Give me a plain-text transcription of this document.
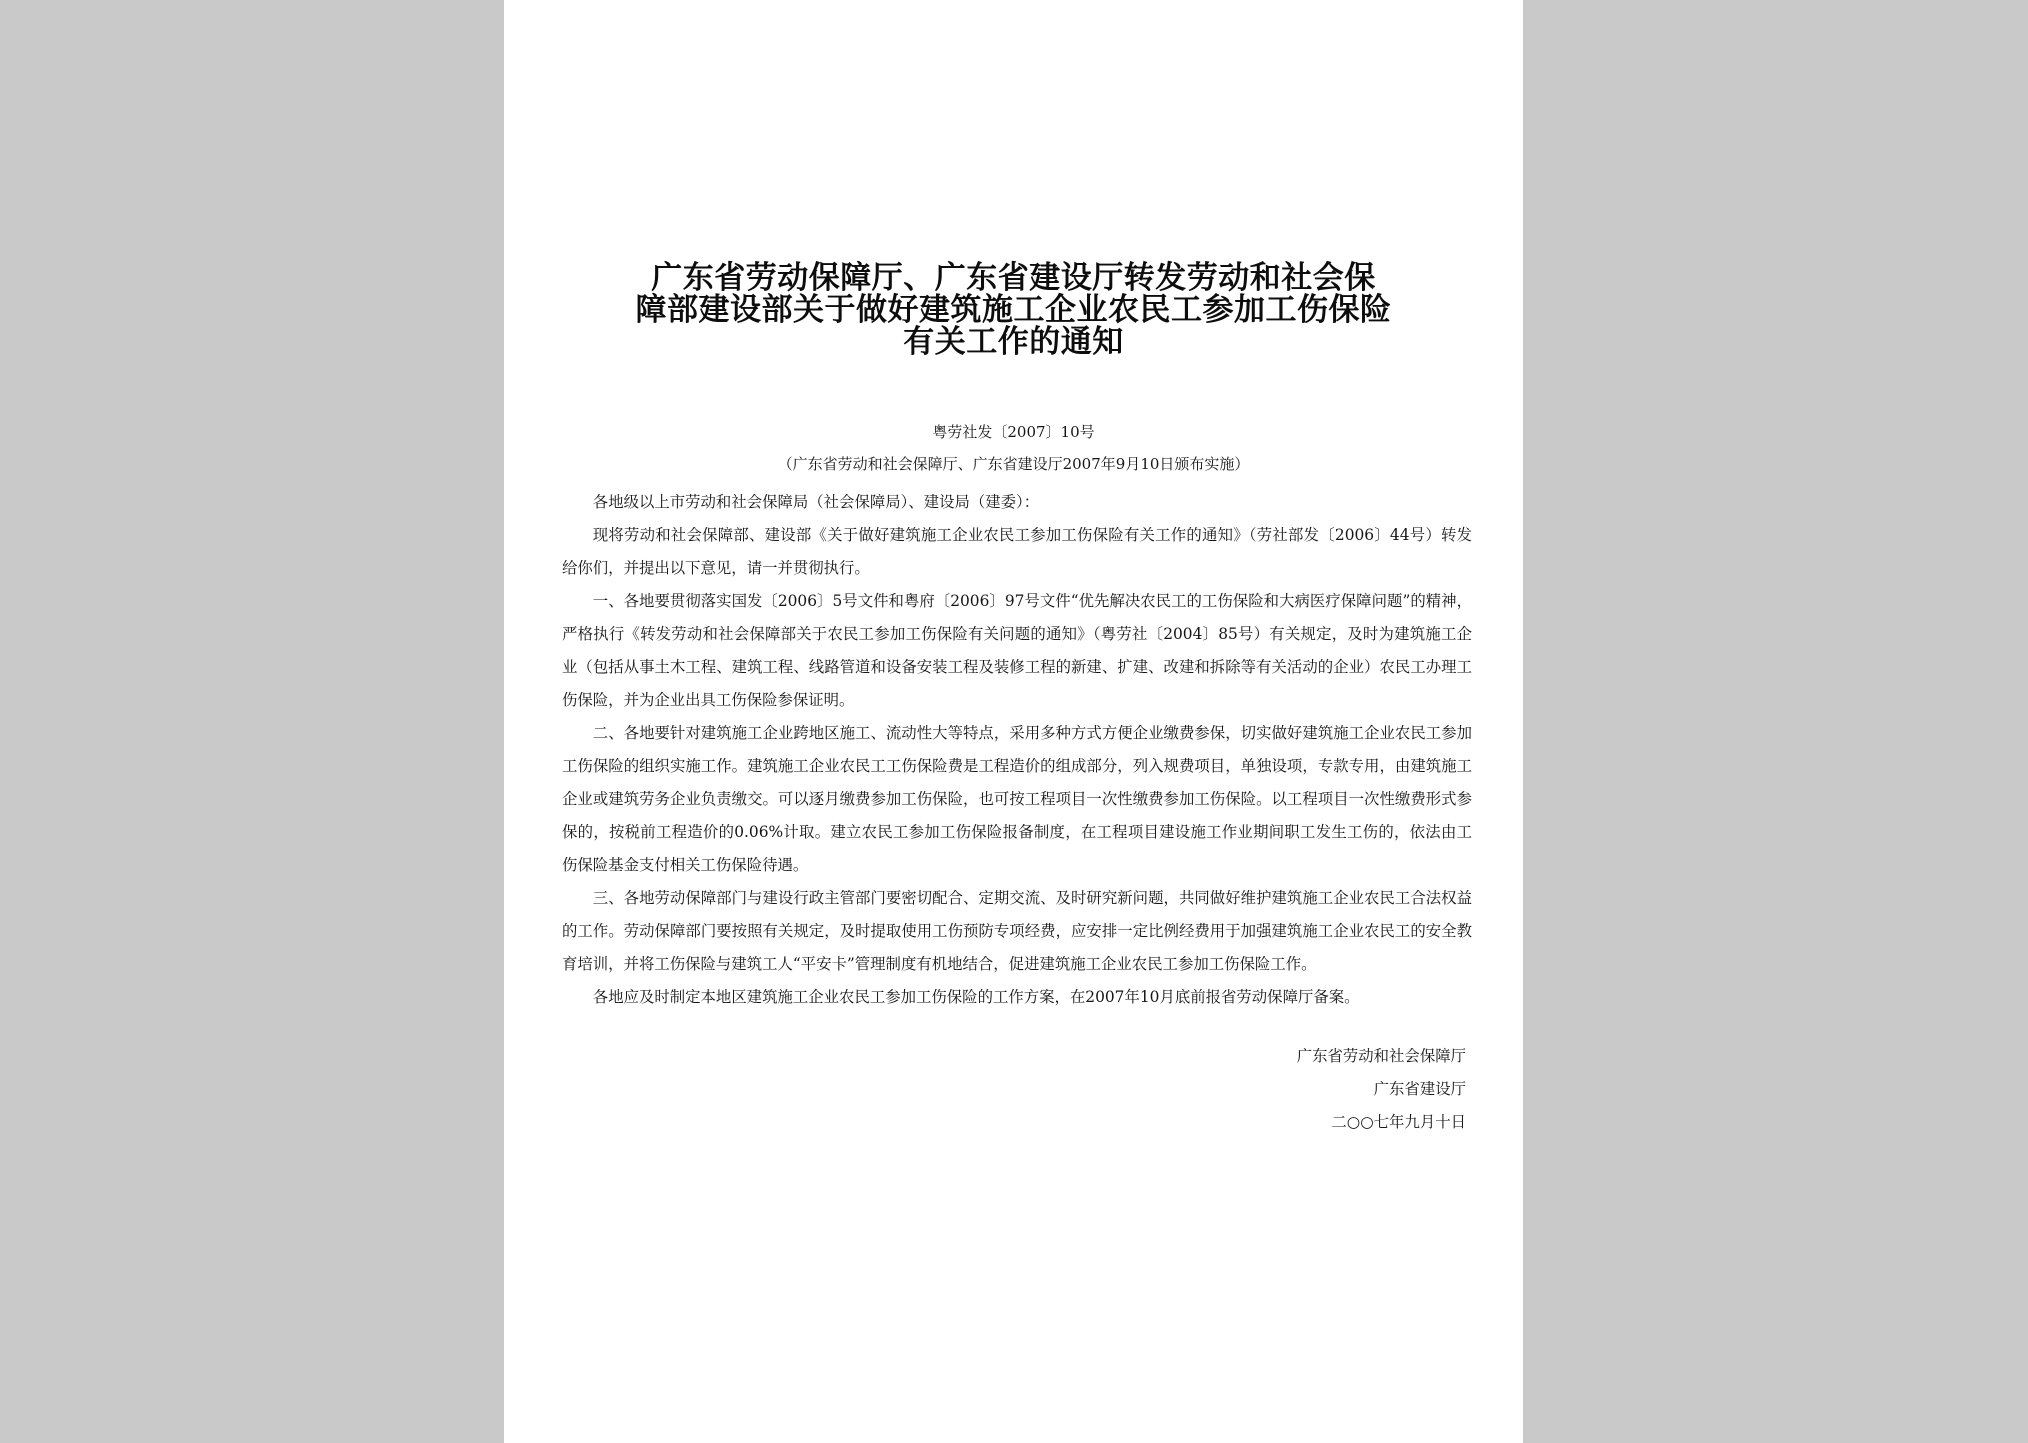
广东省劳动保障厅、广东省建设厅转发劳动和社会保
障部建设部关于做好建筑施工企业农民工参加工伤保险
有关工作的通知
粤劳社发〔2007〕10号
（广东省劳动和社会保障厅、广东省建设厅2007年9月10日颁布实施）

各地级以上市劳动和社会保障局（社会保障局）、建设局（建委）：

现将劳动和社会保障部、建设部《关于做好建筑施工企业农民工参加工伤保险有关工作的通知》（劳社部发〔2006〕44号）转发给你们，并提出以下意见，请一并贯彻执行。

一、各地要贯彻落实国发〔2006〕5号文件和粤府〔2006〕97号文件“优先解决农民工的工伤保险和大病医疗保障问题”的精神，严格执行《转发劳动和社会保障部关于农民工参加工伤保险有关问题的通知》（粤劳社〔2004〕85号）有关规定，及时为建筑施工企业（包括从事土木工程、建筑工程、线路管道和设备安装工程及装修工程的新建、扩建、改建和拆除等有关活动的企业）农民工办理工伤保险，并为企业出具工伤保险参保证明。

二、各地要针对建筑施工企业跨地区施工、流动性大等特点，采用多种方式方便企业缴费参保，切实做好建筑施工企业农民工参加工伤保险的组织实施工作。建筑施工企业农民工工伤保险费是工程造价的组成部分，列入规费项目，单独设项，专款专用，由建筑施工企业或建筑劳务企业负责缴交。可以逐月缴费参加工伤保险，也可按工程项目一次性缴费参加工伤保险。以工程项目一次性缴费形式参保的，按税前工程造价的0.06%计取。建立农民工参加工伤保险报备制度，在工程项目建设施工作业期间职工发生工伤的，依法由工伤保险基金支付相关工伤保险待遇。

三、各地劳动保障部门与建设行政主管部门要密切配合、定期交流、及时研究新问题，共同做好维护建筑施工企业农民工合法权益的工作。劳动保障部门要按照有关规定，及时提取使用工伤预防专项经费，应安排一定比例经费用于加强建筑施工企业农民工的安全教育培训，并将工伤保险与建筑工人“平安卡”管理制度有机地结合，促进建筑施工企业农民工参加工伤保险工作。

各地应及时制定本地区建筑施工企业农民工参加工伤保险的工作方案，在2007年10月底前报省劳动保障厅备案。

广东省劳动和社会保障厅
广东省建设厅
二○○七年九月十日
